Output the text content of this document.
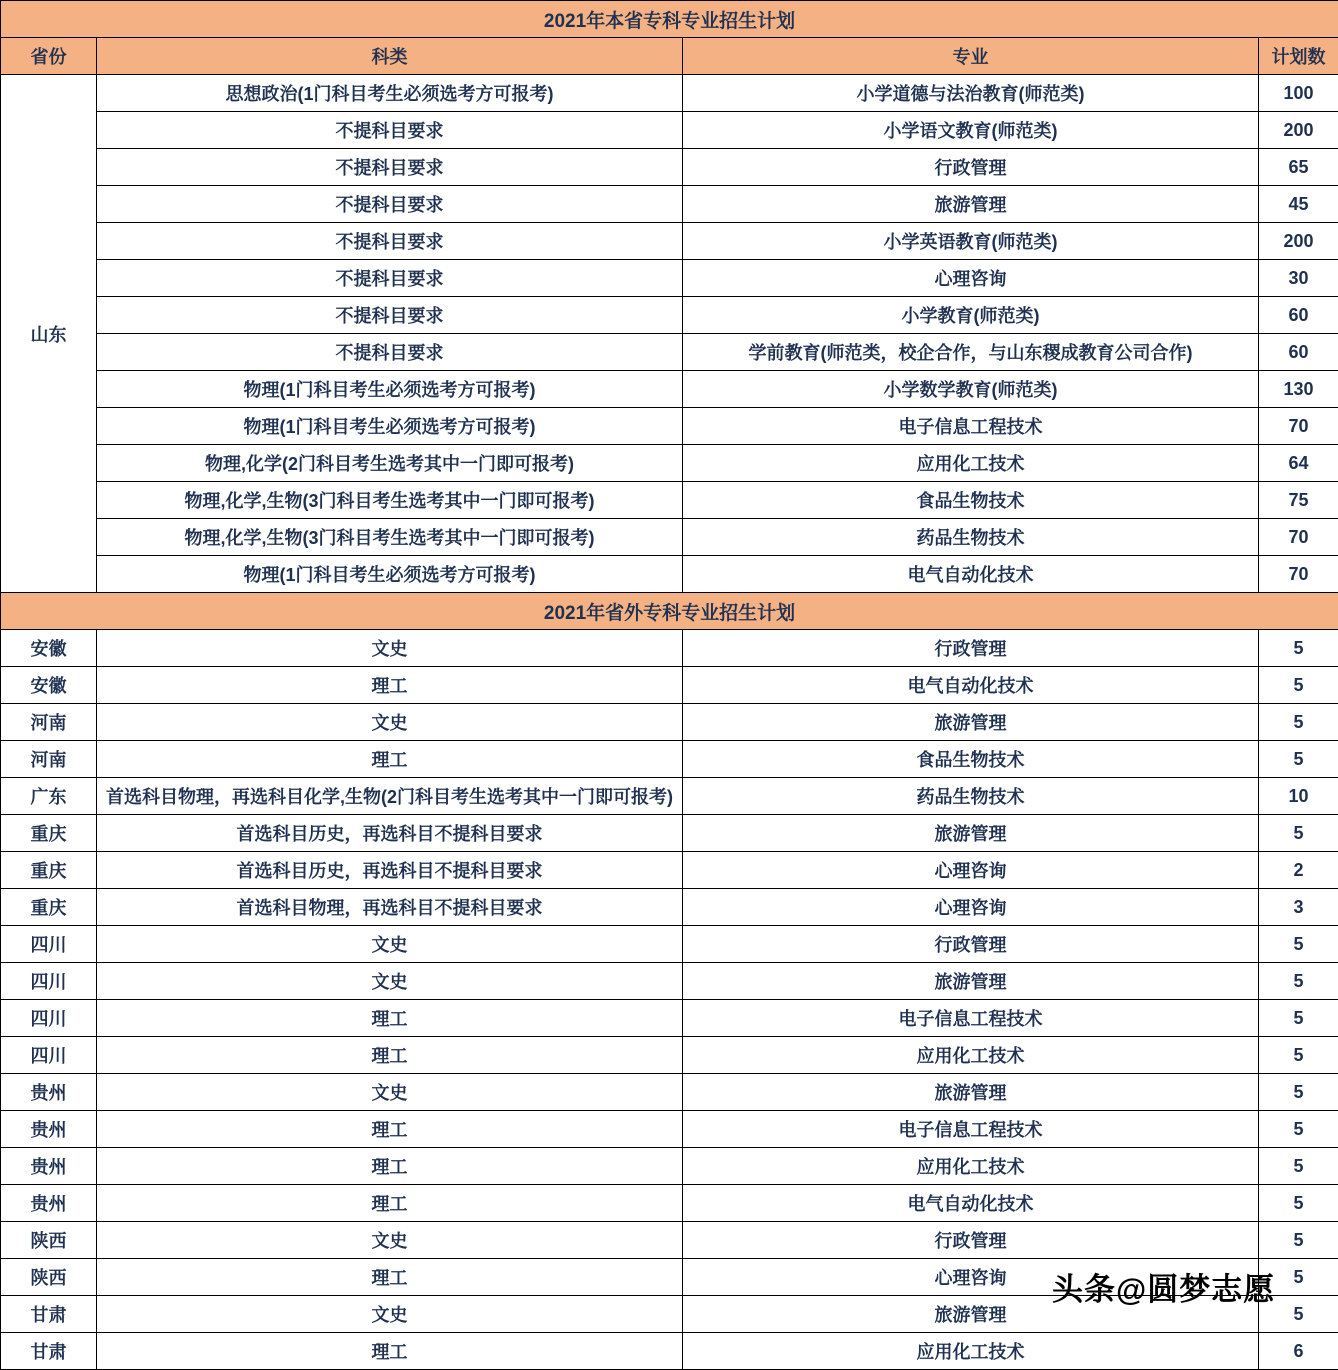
2021年本省专科专业招生计划			
省份	科类	专业	计划数
山东	思想政治(1门科目考生必须选考方可报考)	小学道德与法治教育(师范类)	100
	不提科目要求	小学语文教育(师范类)	200
	不提科目要求	行政管理	65
	不提科目要求	旅游管理	45
	不提科目要求	小学英语教育(师范类)	200
	不提科目要求	心理咨询	30
	不提科目要求	小学教育(师范类)	60
	不提科目要求	学前教育(师范类，校企合作，与山东稷成教育公司合作)	60
	物理(1门科目考生必须选考方可报考)	小学数学教育(师范类)	130
	物理(1门科目考生必须选考方可报考)	电子信息工程技术	70
	物理,化学(2门科目考生选考其中一门即可报考)	应用化工技术	64
	物理,化学,生物(3门科目考生选考其中一门即可报考)	食品生物技术	75
	物理,化学,生物(3门科目考生选考其中一门即可报考)	药品生物技术	70
	物理(1门科目考生必须选考方可报考)	电气自动化技术	70
2021年省外专科专业招生计划			
安徽	文史	行政管理	5
安徽	理工	电气自动化技术	5
河南	文史	旅游管理	5
河南	理工	食品生物技术	5
广东	首选科目物理，再选科目化学,生物(2门科目考生选考其中一门即可报考)	药品生物技术	10
重庆	首选科目历史，再选科目不提科目要求	旅游管理	5
重庆	首选科目历史，再选科目不提科目要求	心理咨询	2
重庆	首选科目物理，再选科目不提科目要求	心理咨询	3
四川	文史	行政管理	5
四川	文史	旅游管理	5
四川	理工	电子信息工程技术	5
四川	理工	应用化工技术	5
贵州	文史	旅游管理	5
贵州	理工	电子信息工程技术	5
贵州	理工	应用化工技术	5
贵州	理工	电气自动化技术	5
陕西	文史	行政管理	5
陕西	理工	心理咨询	5
甘肃	文史	旅游管理	5
甘肃	理工	应用化工技术	6
头条@圆梦志愿
